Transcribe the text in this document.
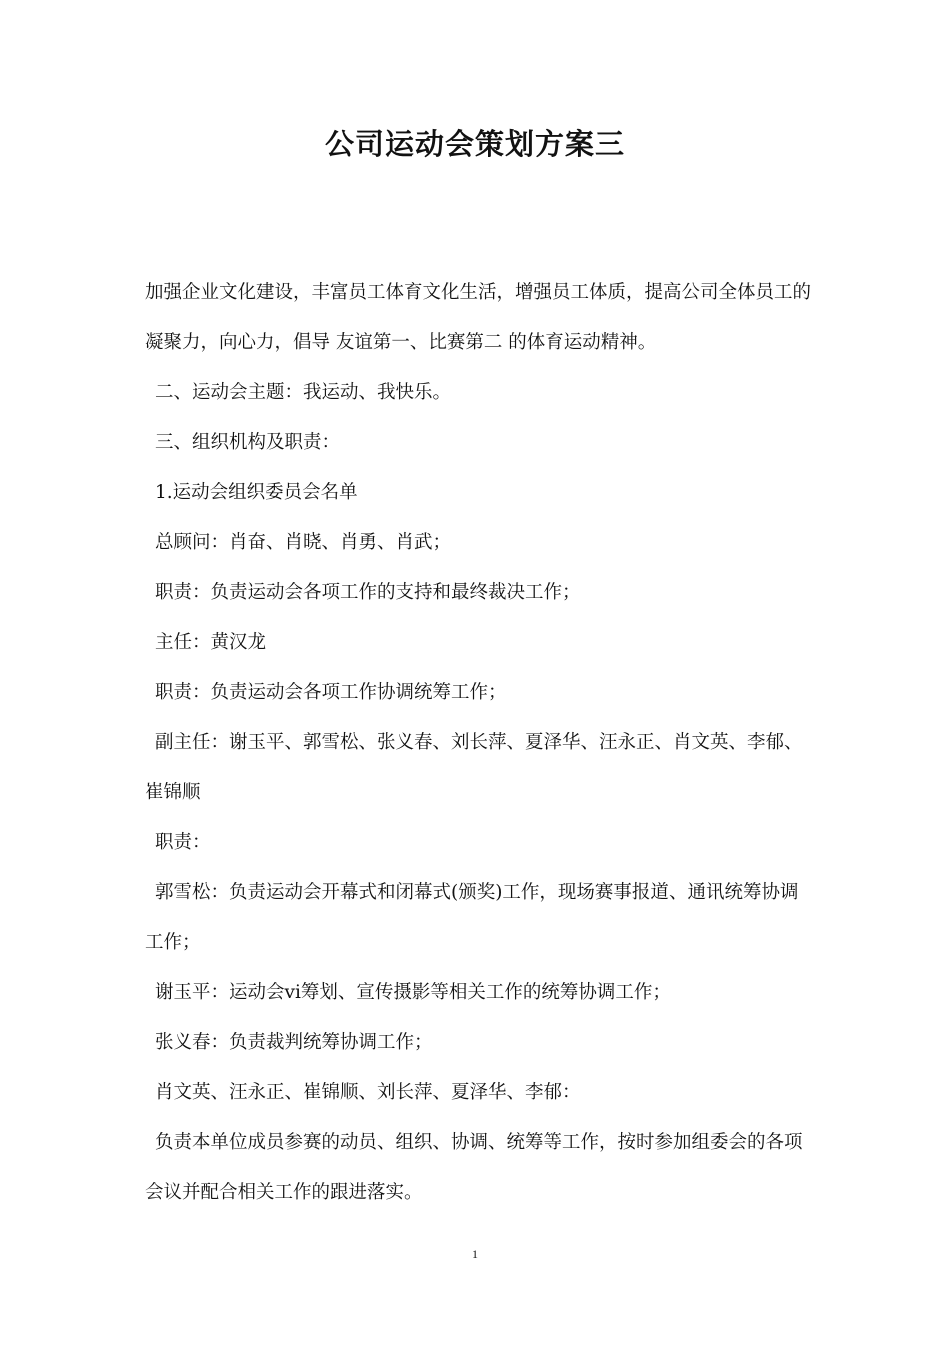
公司运动会策划方案三

加强企业文化建设，丰富员工体育文化生活，增强员工体质，提高公司全体员工的凝聚力，向心力，倡导 友谊第一、比赛第二 的体育运动精神。

二、运动会主题：我运动、我快乐。

三、组织机构及职责：

1.运动会组织委员会名单

总顾问：肖奋、肖晓、肖勇、肖武；

职责：负责运动会各项工作的支持和最终裁决工作；

主任：黄汉龙

职责：负责运动会各项工作协调统筹工作；

副主任：谢玉平、郭雪松、张义春、刘长萍、夏泽华、汪永正、肖文英、李郁、崔锦顺

职责：

郭雪松：负责运动会开幕式和闭幕式(颁奖)工作，现场赛事报道、通讯统筹协调工作；

谢玉平：运动会vi筹划、宣传摄影等相关工作的统筹协调工作；

张义春：负责裁判统筹协调工作；

肖文英、汪永正、崔锦顺、刘长萍、夏泽华、李郁：

负责本单位成员参赛的动员、组织、协调、统筹等工作，按时参加组委会的各项会议并配合相关工作的跟进落实。

1
